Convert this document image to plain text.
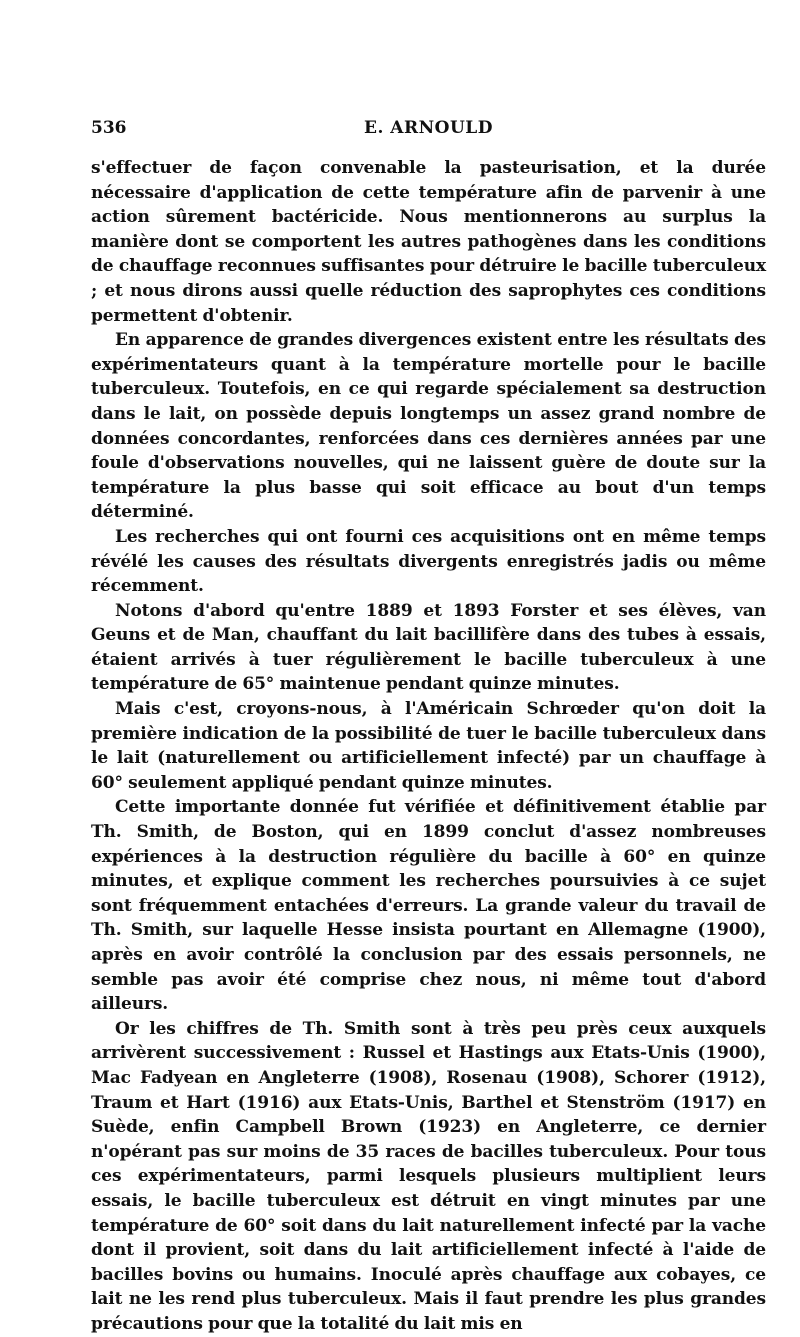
536	E. ARNOULD

s'effectuer de façon convenable la pasteurisation, et la durée nécessaire d'application de cette température afin de parvenir à une action sûrement bactéricide. Nous mentionnerons au surplus la manière dont se comportent les autres pathogènes dans les conditions de chauffage reconnues suffisantes pour détruire le bacille tuberculeux ; et nous dirons aussi quelle réduction des saprophytes ces conditions permettent d'obtenir.

En apparence de grandes divergences existent entre les résultats des expérimentateurs quant à la température mortelle pour le bacille tuberculeux. Toutefois, en ce qui regarde spécialement sa destruction dans le lait, on possède depuis longtemps un assez grand nombre de données concordantes, renforcées dans ces dernières années par une foule d'observations nouvelles, qui ne laissent guère de doute sur la température la plus basse qui soit efficace au bout d'un temps déterminé.

Les recherches qui ont fourni ces acquisitions ont en même temps révélé les causes des résultats divergents enregistrés jadis ou même récemment.

Notons d'abord qu'entre 1889 et 1893 Forster et ses élèves, van Geuns et de Man, chauffant du lait bacillifère dans des tubes à essais, étaient arrivés à tuer régulièrement le bacille tuberculeux à une température de 65° maintenue pendant quinze minutes.

Mais c'est, croyons-nous, à l'Américain Schrœder qu'on doit la première indication de la possibilité de tuer le bacille tuberculeux dans le lait (naturellement ou artificiellement infecté) par un chauffage à 60° seulement appliqué pendant quinze minutes.

Cette importante donnée fut vérifiée et définitivement établie par Th. Smith, de Boston, qui en 1899 conclut d'assez nombreuses expériences à la destruction régulière du bacille à 60° en quinze minutes, et explique comment les recherches poursuivies à ce sujet sont fréquemment entachées d'erreurs. La grande valeur du travail de Th. Smith, sur laquelle Hesse insista pourtant en Allemagne (1900), après en avoir contrôlé la conclusion par des essais personnels, ne semble pas avoir été comprise chez nous, ni même tout d'abord ailleurs.

Or les chiffres de Th. Smith sont à très peu près ceux auxquels arrivèrent successivement : Russel et Hastings aux Etats-Unis (1900), Mac Fadyean en Angleterre (1908), Rosenau (1908), Schorer (1912), Traum et Hart (1916) aux Etats-Unis, Barthel et Stenström (1917) en Suède, enfin Campbell Brown (1923) en Angleterre, ce dernier n'opérant pas sur moins de 35 races de bacilles tuberculeux. Pour tous ces expérimentateurs, parmi lesquels plusieurs multiplient leurs essais, le bacille tuberculeux est détruit en vingt minutes par une température de 60° soit dans du lait naturellement infecté par la vache dont il provient, soit dans du lait artificiellement infecté à l'aide de bacilles bovins ou humains. Inoculé après chauffage aux cobayes, ce lait ne les rend plus tuberculeux. Mais il faut prendre les plus grandes précautions pour que la totalité du lait mis en
